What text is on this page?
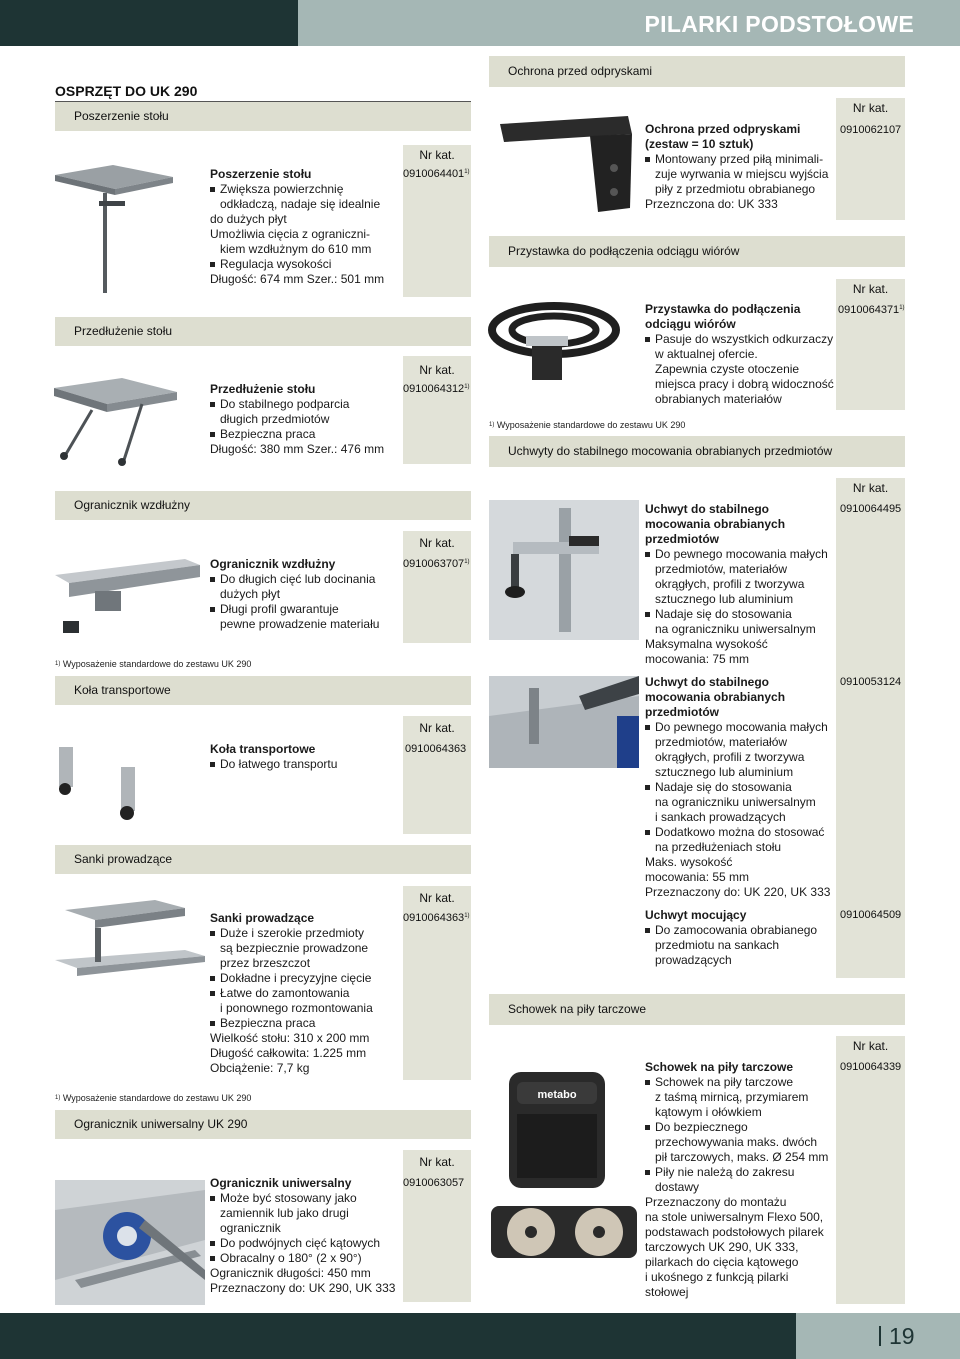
PILARKI PODSTOŁOWE
OSPRZĘT DO UK 290
Poszerzenie stołu
Nr kat.
0910064401$^{1)}$
Poszerzenie stołu
Zwiększa powierzchnię
odkładczą, nadaje się idealnie
do dużych płyt
Umożliwia cięcia z ograniczni-
kiem wzdłużnym do 610 mm
Regulacja wysokości
Długość: 674 mm Szer.: 501 mm
Przedłużenie stołu
Nr kat.
0910064312$^{1)}$
Przedłużenie stołu
Do stabilnego podparcia
długich przedmiotów
Bezpieczna praca
Długość: 380 mm Szer.: 476 mm
Ogranicznik wzdłużny
Nr kat.
0910063707$^{1)}$
Ogranicznik wzdłużny
Do długich cięć lub docinania
dużych płyt
Długi profil gwarantuje
pewne prowadzenie materiału
$^{1)}$ Wyposażenie standardowe do zestawu UK 290
Koła transportowe
Nr kat.
0910064363
Koła transportowe
Do łatwego transportu
Sanki prowadzące
Nr kat.
0910064363$^{1)}$
Sanki prowadzące
Duże i szerokie przedmioty
są bezpiecznie prowadzone
przez brzeszczot
Dokładne i precyzyjne cięcie
Łatwe do zamontowania
i ponownego rozmontowania
Bezpieczna praca
Wielkość stołu: 310 x 200 mm
Długość całkowita: 1.225 mm
Obciążenie: 7,7 kg
$^{1)}$ Wyposażenie standardowe do zestawu UK 290
Ogranicznik uniwersalny UK 290
Nr kat.
0910063057
Ogranicznik uniwersalny
Może być stosowany jako
zamiennik lub jako drugi
ogranicznik
Do podwójnych cięć kątowych
Obracalny o 180° (2 x 90°)
Ogranicznik długości: 450 mm
Przeznaczony do: UK 290, UK 333
Ochrona przed odpryskami
Nr kat.
0910062107
Ochrona przed odpryskami
(zestaw = 10 sztuk)
Montowany przed piłą minimali-
zuje wyrwania w miejscu wyjścia
piły z przedmiotu obrabianego
Przeznczona do: UK 333
Przystawka do podłączenia odciągu wiórów
Nr kat.
0910064371$^{1)}$
Przystawka do podłączenia
odciągu wiórów
Pasuje do wszystkich odkurzaczy
w aktualnej ofercie.
Zapewnia czyste otoczenie
miejsca pracy i dobrą widoczność
obrabianych materiałów
$^{1)}$ Wyposażenie standardowe do zestawu UK 290
Uchwyty do stabilnego mocowania obrabianych przedmiotów
Nr kat.
0910064495
Uchwyt do stabilnego
mocowania obrabianych
przedmiotów
Do pewnego mocowania małych
przedmiotów, materiałów
okrągłych, profili z tworzywa
sztucznego lub aluminium
Nadaje się do stosowania
na ograniczniku uniwersalnym
Maksymalna wysokość
mocowania: 75 mm
0910053124
Uchwyt do stabilnego
mocowania obrabianych
przedmiotów
Do pewnego mocowania małych
przedmiotów, materiałów
okrągłych, profili z tworzywa
sztucznego lub aluminium
Nadaje się do stosowania
na ograniczniku uniwersalnym
i sankach prowadzących
Dodatkowo można do stosować
na przedłużeniach stołu
Maks. wysokość
mocowania: 55 mm
Przeznaczony do: UK 220, UK 333
0910064509
Uchwyt mocujący
Do zamocowania obrabianego
przedmiotu na sankach
prowadzących
Schowek na piły tarczowe
Nr kat.
0910064339
metabo
Schowek na piły tarczowe
Schowek na piły tarczowe
z taśmą mirnicą, przymiarem
kątowym i ołówkiem
Do bezpiecznego
przechowywania maks. dwóch
pił tarczowych, maks. Ø 254 mm
Piły nie należą do zakresu
dostawy
Przeznaczony do montażu
na stole uniwersalnym Flexo 500,
podstawach podstołowych pilarek
tarczowych UK 290, UK 333,
pilarkach do cięcia kątowego
i ukośnego z funkcją pilarki
stołowej
19
